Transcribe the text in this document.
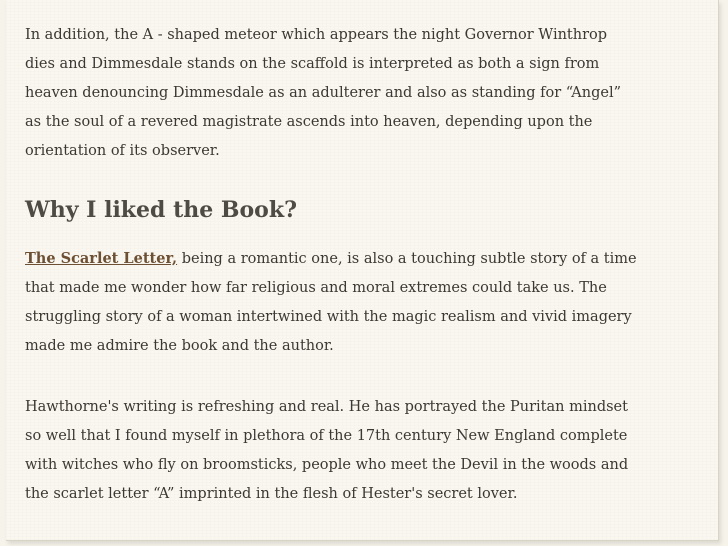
In addition, the A - shaped meteor which appears the night Governor Winthrop
dies and Dimmesdale stands on the scaffold is interpreted as both a sign from
heaven denouncing Dimmesdale as an adulterer and also as standing for “Angel”
as the soul of a revered magistrate ascends into heaven, depending upon the
orientation of its observer.

Why I liked the Book?

The Scarlet Letter, being a romantic one, is also a touching subtle story of a time
that made me wonder how far religious and moral extremes could take us. The
struggling story of a woman intertwined with the magic realism and vivid imagery
made me admire the book and the author.

Hawthorne's writing is refreshing and real. He has portrayed the Puritan mindset
so well that I found myself in plethora of the 17th century New England complete
with witches who fly on broomsticks, people who meet the Devil in the woods and
the scarlet letter “A” imprinted in the flesh of Hester's secret lover.
